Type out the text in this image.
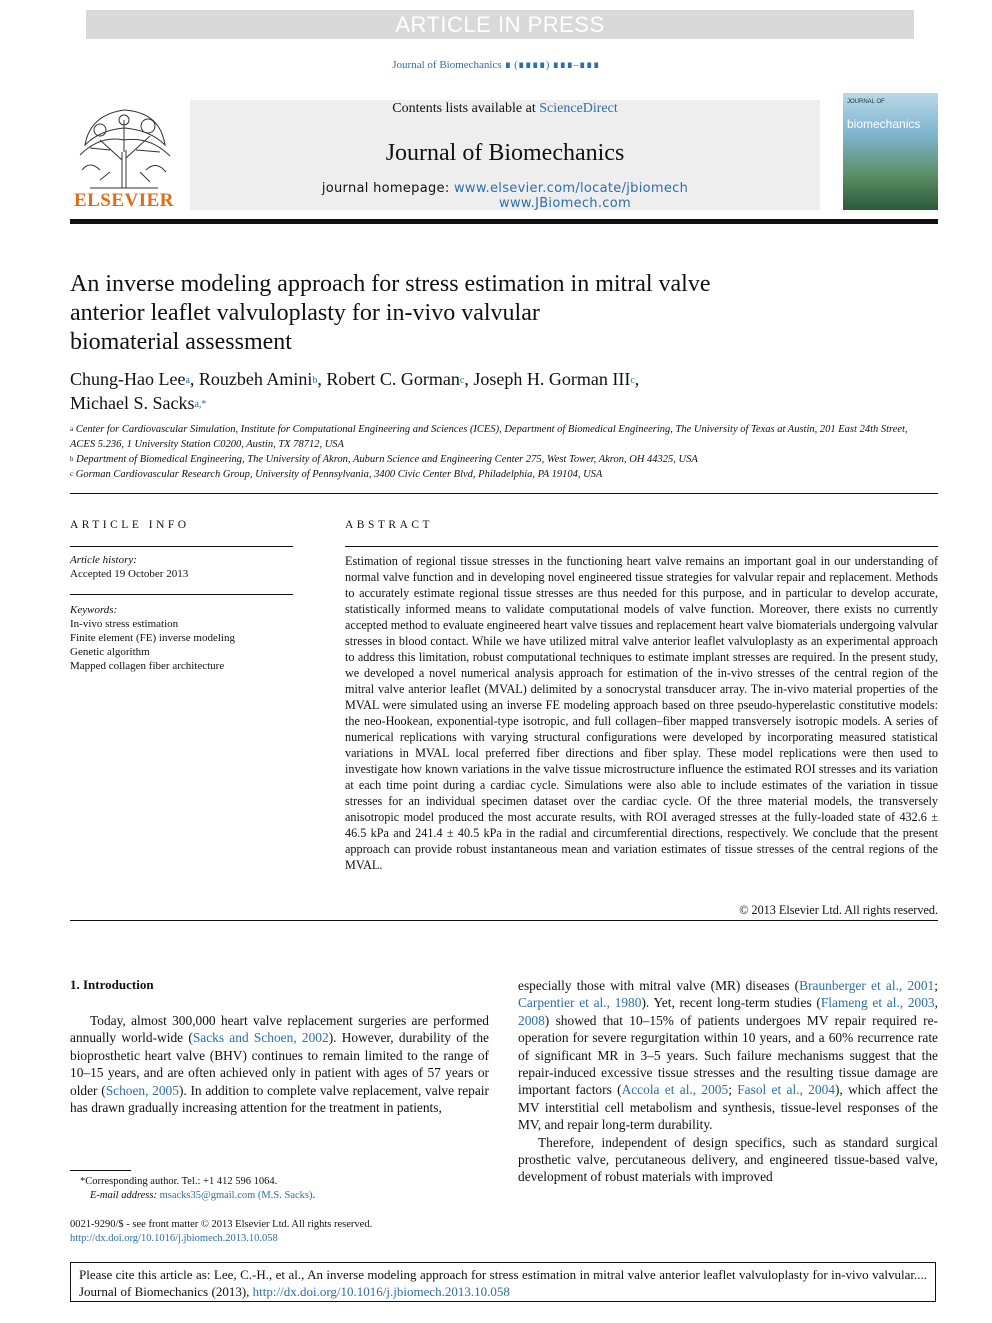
ARTICLE IN PRESS
Journal of Biomechanics ∎ (∎∎∎∎) ∎∎∎–∎∎∎
ELSEVIER
Contents lists available at ScienceDirect
Journal of Biomechanics
journal homepage: www.elsevier.com/locate/jbiomech
www.JBiomech.com
JOURNAL OF
biomechanics
An inverse modeling approach for stress estimation in mitral valve
anterior leaflet valvuloplasty for in-vivo valvular
biomaterial assessment
Chung-Hao Lee$^a$, Rouzbeh Amini$^b$, Robert C. Gorman$^c$, Joseph H. Gorman III$^c$,
Michael S. Sacks$^{a,*}$
$^a$ Center for Cardiovascular Simulation, Institute for Computational Engineering and Sciences (ICES), Department of Biomedical Engineering, The University of Texas at Austin, 201 East 24th Street, ACES 5.236, 1 University Station C0200, Austin, TX 78712, USA
$^b$ Department of Biomedical Engineering, The University of Akron, Auburn Science and Engineering Center 275, West Tower, Akron, OH 44325, USA
$^c$ Gorman Cardiovascular Research Group, University of Pennsylvania, 3400 Civic Center Blvd, Philadelphia, PA 19104, USA
ARTICLE INFO
Article history:
Accepted 19 October 2013
Keywords:
In-vivo stress estimation
Finite element (FE) inverse modeling
Genetic algorithm
Mapped collagen fiber architecture
ABSTRACT
Estimation of regional tissue stresses in the functioning heart valve remains an important goal in our understanding of normal valve function and in developing novel engineered tissue strategies for valvular repair and replacement. Methods to accurately estimate regional tissue stresses are thus needed for this purpose, and in particular to develop accurate, statistically informed means to validate computational models of valve function. Moreover, there exists no currently accepted method to evaluate engineered heart valve tissues and replacement heart valve biomaterials undergoing valvular stresses in blood contact. While we have utilized mitral valve anterior leaflet valvuloplasty as an experimental approach to address this limitation, robust computational techniques to estimate implant stresses are required. In the present study, we developed a novel numerical analysis approach for estimation of the in-vivo stresses of the central region of the mitral valve anterior leaflet (MVAL) delimited by a sonocrystal transducer array. The in-vivo material properties of the MVAL were simulated using an inverse FE modeling approach based on three pseudo-hyperelastic constitutive models: the neo-Hookean, exponential-type isotropic, and full collagen–fiber mapped transversely isotropic models. A series of numerical replications with varying structural configurations were developed by incorporating measured statistical variations in MVAL local preferred fiber directions and fiber splay. These model replications were then used to investigate how known variations in the valve tissue microstructure influence the estimated ROI stresses and its variation at each time point during a cardiac cycle. Simulations were also able to include estimates of the variation in tissue stresses for an individual specimen dataset over the cardiac cycle. Of the three material models, the transversely anisotropic model produced the most accurate results, with ROI averaged stresses at the fully-loaded state of 432.6 ± 46.5 kPa and 241.4 ± 40.5 kPa in the radial and circumferential directions, respectively. We conclude that the present approach can provide robust instantaneous mean and variation estimates of tissue stresses of the central regions of the MVAL.
© 2013 Elsevier Ltd. All rights reserved.
1. Introduction

Today, almost 300,000 heart valve replacement surgeries are performed annually world-wide (Sacks and Schoen, 2002). However, durability of the bioprosthetic heart valve (BHV) continues to remain limited to the range of 10–15 years, and are often achieved only in patient with ages of 57 years or older (Schoen, 2005). In addition to complete valve replacement, valve repair has drawn gradually increasing attention for the treatment in patients,

especially those with mitral valve (MR) diseases (Braunberger et al., 2001; Carpentier et al., 1980). Yet, recent long-term studies (Flameng et al., 2003, 2008) showed that 10–15% of patients undergoes MV repair required re-operation for severe regurgitation within 10 years, and a 60% recurrence rate of significant MR in 3–5 years. Such failure mechanisms suggest that the repair-induced excessive tissue stresses and the resulting tissue damage are important factors (Accola et al., 2005; Fasol et al., 2004), which affect the MV interstitial cell metabolism and synthesis, tissue-level responses of the MV, and repair long-term durability.

Therefore, independent of design specifics, such as standard surgical prosthetic valve, percutaneous delivery, and engineered tissue-based valve, development of robust materials with improved

*Corresponding author. Tel.: +1 412 596 1064.
E-mail address: msacks35@gmail.com (M.S. Sacks).
0021-9290/$ - see front matter © 2013 Elsevier Ltd. All rights reserved.
http://dx.doi.org/10.1016/j.jbiomech.2013.10.058
Please cite this article as: Lee, C.-H., et al., An inverse modeling approach for stress estimation in mitral valve anterior leaflet valvuloplasty for in-vivo valvular.... Journal of Biomechanics (2013), http://dx.doi.org/10.1016/j.jbiomech.2013.10.058
